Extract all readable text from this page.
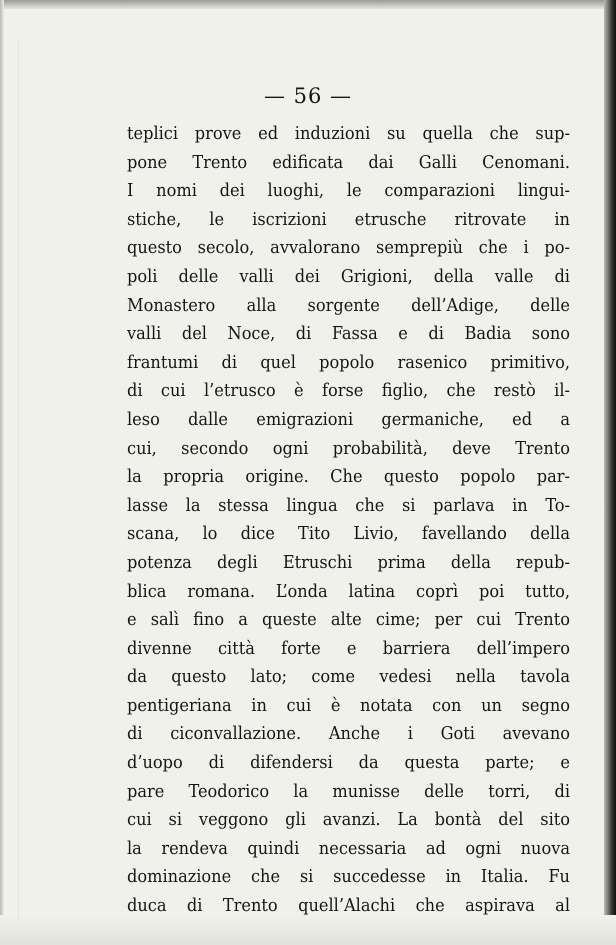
— 56 —
teplici prove ed induzioni su quella che sup-
pone Trento edificata dai Galli Cenomani.
I nomi dei luoghi, le comparazioni lingui-
stiche, le iscrizioni etrusche ritrovate in
questo secolo, avvalorano semprepiù che i po-
poli delle valli dei Grigioni, della valle di
Monastero alla sorgente dell’Adige, delle
valli del Noce, di Fassa e di Badia sono
frantumi di quel popolo rasenico primitivo,
di cui l’etrusco è forse figlio, che restò il-
leso dalle emigrazioni germaniche, ed a
cui, secondo ogni probabilità, deve Trento
la propria origine. Che questo popolo par-
lasse la stessa lingua che si parlava in To-
scana, lo dice Tito Livio, favellando della
potenza degli Etruschi prima della repub-
blica romana. L’onda latina coprì poi tutto,
e salì fino a queste alte cime; per cui Trento
divenne città forte e barriera dell’impero
da questo lato; come vedesi nella tavola
pentigeriana in cui è notata con un segno
di ciconvallazione. Anche i Goti avevano
d’uopo di difendersi da questa parte; e
pare Teodorico la munisse delle torri, di
cui si veggono gli avanzi. La bontà del sito
la rendeva quindi necessaria ad ogni nuova
dominazione che si succedesse in Italia. Fu
duca di Trento quell’Alachi che aspirava al
